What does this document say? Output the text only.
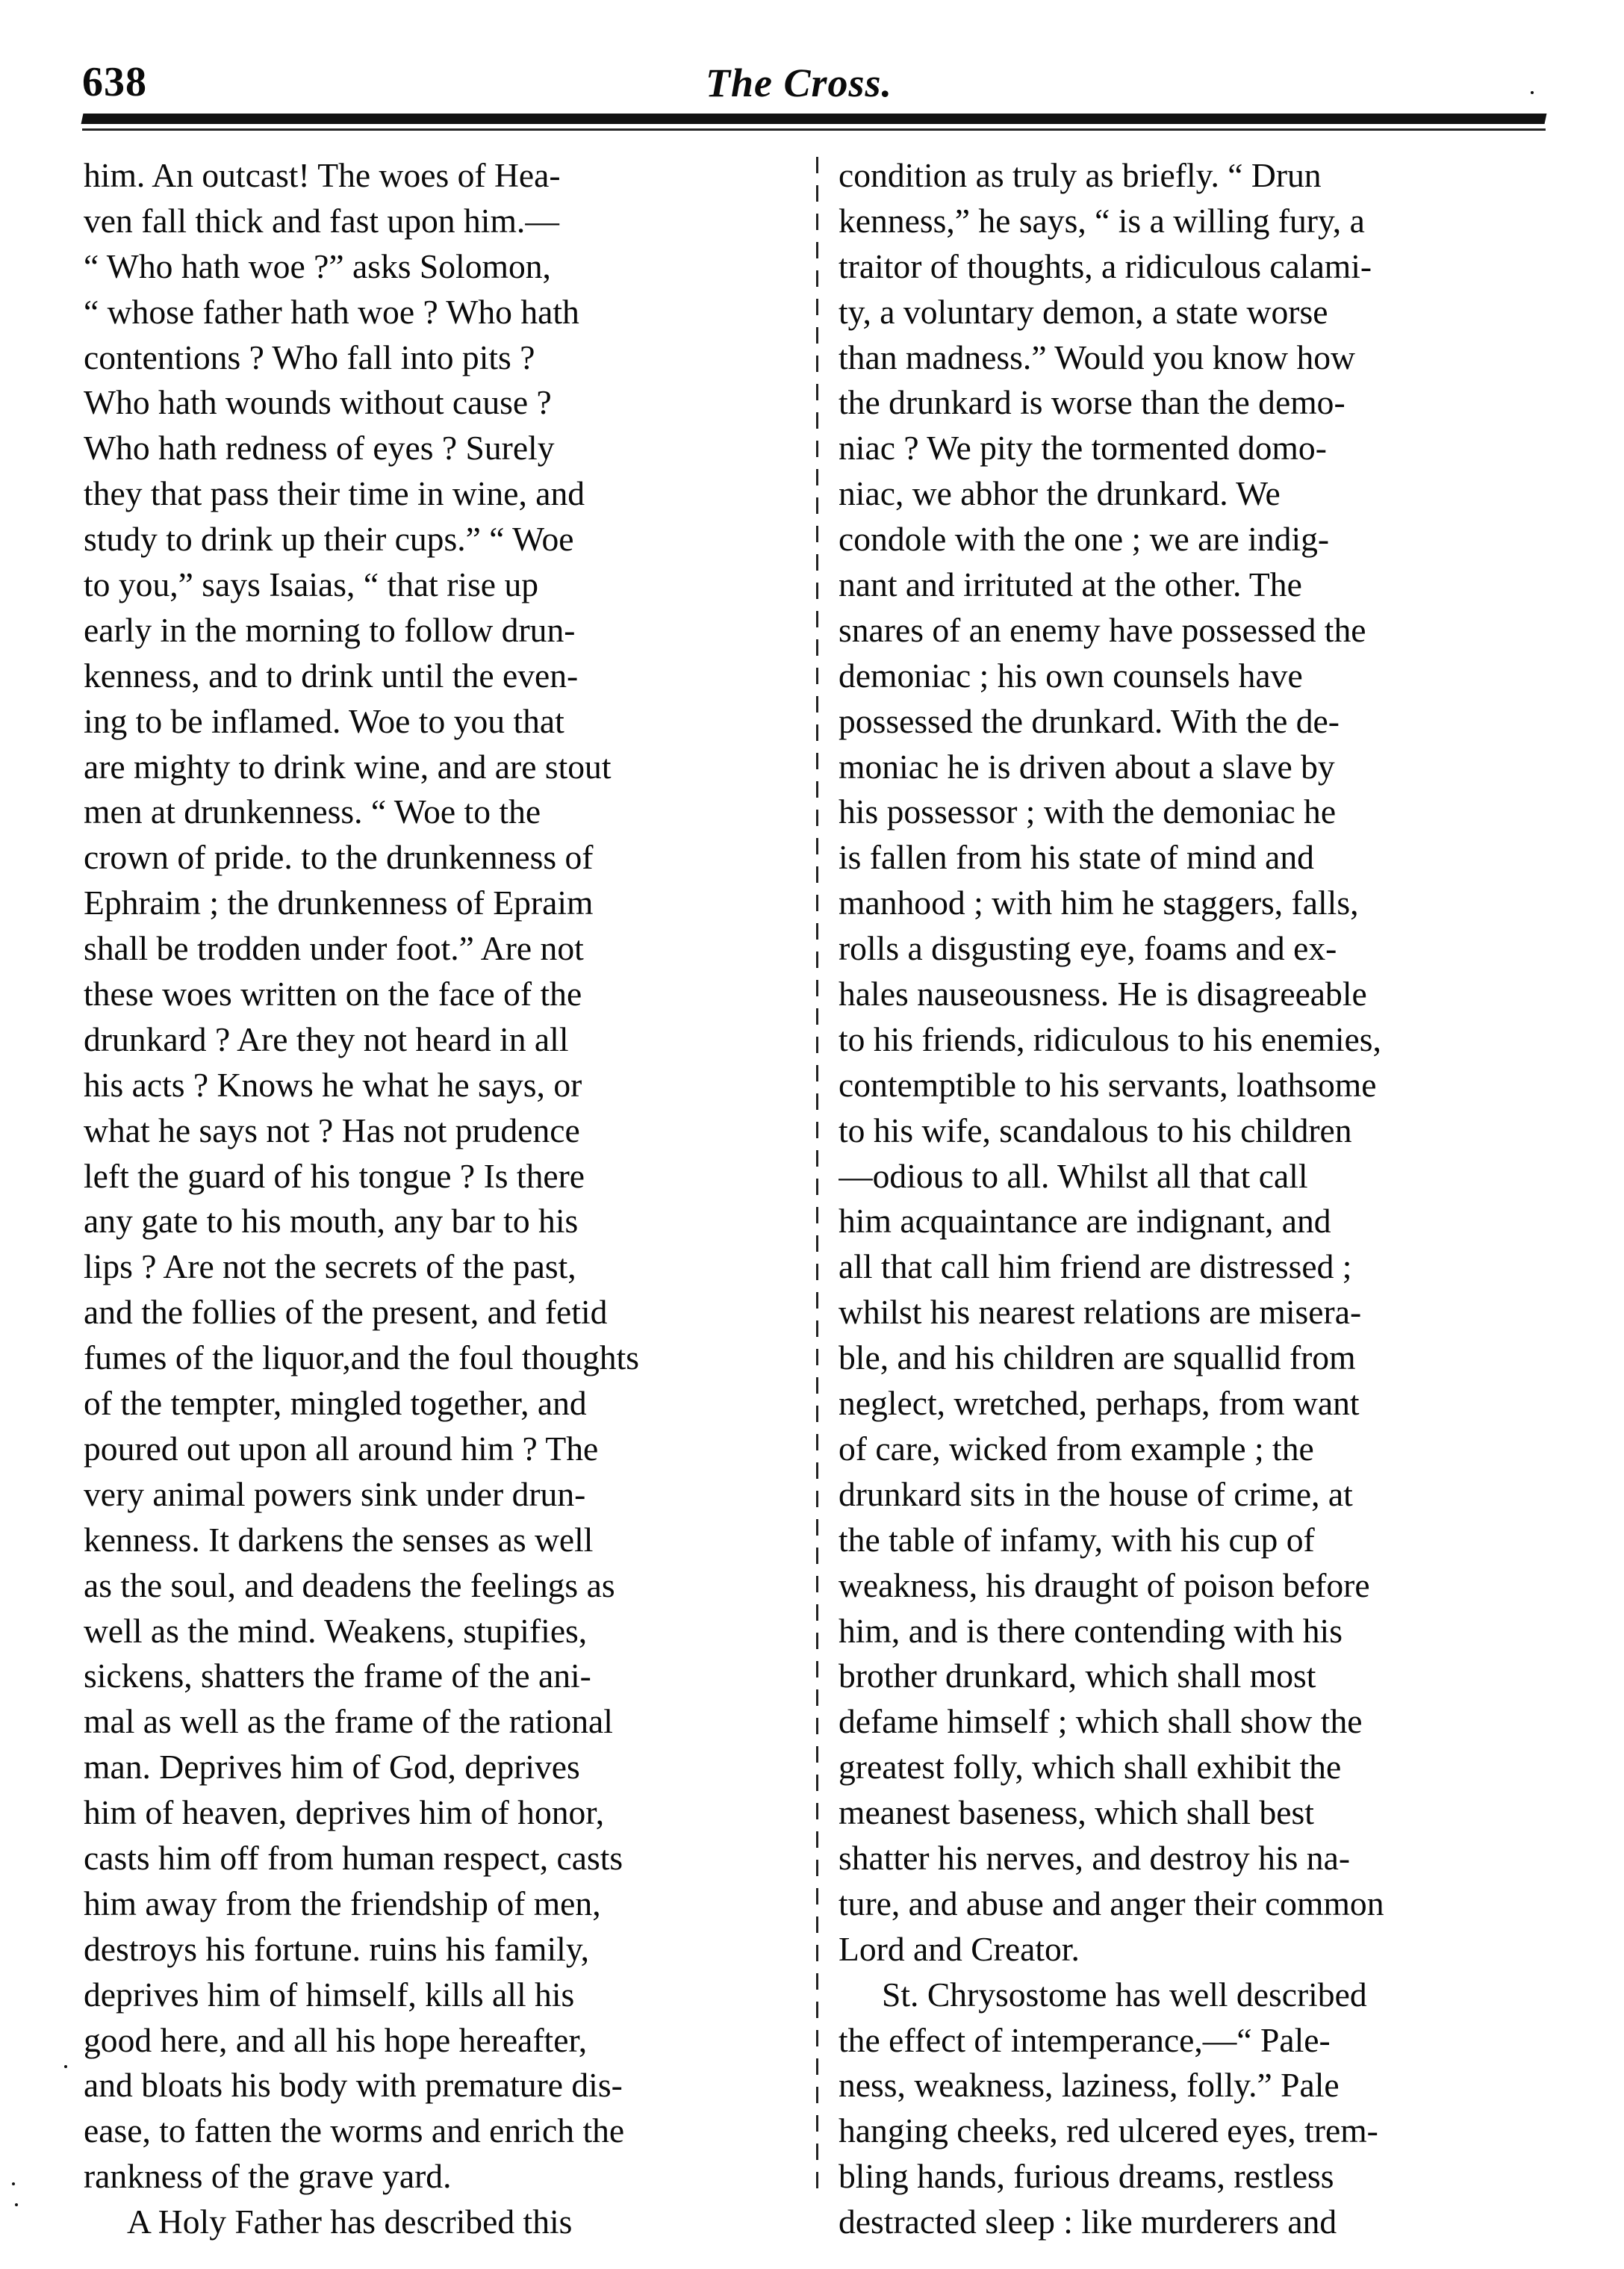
638	The Cross.
him. An outcast! The woes of Hea-
ven fall thick and fast upon him.—
“ Who hath woe ?” asks Solomon,
“ whose father hath woe ? Who hath
contentions ? Who fall into pits ?
Who hath wounds without cause ?
Who hath redness of eyes ? Surely
they that pass their time in wine, and
study to drink up their cups.” “ Woe
to you,” says Isaias, “ that rise up
early in the morning to follow drun-
kenness, and to drink until the even-
ing to be inflamed. Woe to you that
are mighty to drink wine, and are stout
men at drunkenness. “ Woe to the
crown of pride. to the drunkenness of
Ephraim ; the drunkenness of Epraim
shall be trodden under foot.” Are not
these woes written on the face of the
drunkard ? Are they not heard in all
his acts ? Knows he what he says, or
what he says not ? Has not prudence
left the guard of his tongue ? Is there
any gate to his mouth, any bar to his
lips ? Are not the secrets of the past,
and the follies of the present, and fetid
fumes of the liquor,and the foul thoughts
of the tempter, mingled together, and
poured out upon all around him ? The
very animal powers sink under drun-
kenness. It darkens the senses as well
as the soul, and deadens the feelings as
well as the mind. Weakens, stupifies,
sickens, shatters the frame of the ani-
mal as well as the frame of the rational
man. Deprives him of God, deprives
him of heaven, deprives him of honor,
casts him off from human respect, casts
him away from the friendship of men,
destroys his fortune. ruins his family,
deprives him of himself, kills all his
good here, and all his hope hereafter,
and bloats his body with premature dis-
ease, to fatten the worms and enrich the
rankness of the grave yard.
A Holy Father has described this
condition as truly as briefly. “ Drun
kenness,” he says, “ is a willing fury, a
traitor of thoughts, a ridiculous calami-
ty, a voluntary demon, a state worse
than madness.” Would you know how
the drunkard is worse than the demo-
niac ? We pity the tormented domo-
niac, we abhor the drunkard. We
condole with the one ; we are indig-
nant and irrituted at the other. The
snares of an enemy have possessed the
demoniac ; his own counsels have
possessed the drunkard. With the de-
moniac he is driven about a slave by
his possessor ; with the demoniac he
is fallen from his state of mind and
manhood ; with him he staggers, falls,
rolls a disgusting eye, foams and ex-
hales nauseousness. He is disagreeable
to his friends, ridiculous to his enemies,
contemptible to his servants, loathsome
to his wife, scandalous to his children
—odious to all. Whilst all that call
him acquaintance are indignant, and
all that call him friend are distressed ;
whilst his nearest relations are misera-
ble, and his children are squallid from
neglect, wretched, perhaps, from want
of care, wicked from example ; the
drunkard sits in the house of crime, at
the table of infamy, with his cup of
weakness, his draught of poison before
him, and is there contending with his
brother drunkard, which shall most
defame himself ; which shall show the
greatest folly, which shall exhibit the
meanest baseness, which shall best
shatter his nerves, and destroy his na-
ture, and abuse and anger their common
Lord and Creator.
St. Chrysostome has well described
the effect of intemperance,—“ Pale-
ness, weakness, laziness, folly.” Pale
hanging cheeks, red ulcered eyes, trem-
bling hands, furious dreams, restless
destracted sleep : like murderers and
